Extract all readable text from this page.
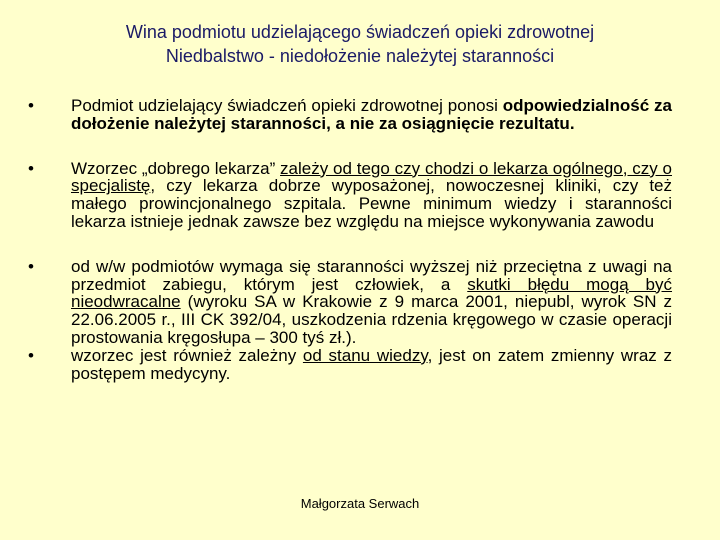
Wina podmiotu udzielającego świadczeń opieki zdrowotnej
Niedbalstwo - niedołożenie należytej staranności
• Podmiot udzielający świadczeń opieki zdrowotnej ponosi odpowiedzialność za dołożenie należytej staranności, a nie za osiągnięcie rezultatu.
• Wzorzec „dobrego lekarza” zależy od tego czy chodzi o lekarza ogólnego, czy o specjalistę, czy lekarza dobrze wyposażonej, nowoczesnej kliniki, czy też małego prowincjonalnego szpitala. Pewne minimum wiedzy i staranności lekarza istnieje jednak zawsze bez względu na miejsce wykonywania zawodu
• od w/w podmiotów wymaga się staranności wyższej niż przeciętna z uwagi na przedmiot zabiegu, którym jest człowiek, a skutki błędu mogą być nieodwracalne (wyroku SA w Krakowie z 9 marca 2001, niepubl, wyrok SN z 22.06.2005 r., III CK 392/04, uszkodzenia rdzenia kręgowego w czasie operacji prostowania kręgosłupa – 300 tyś zł.).
• wzorzec jest również zależny od stanu wiedzy, jest on zatem zmienny wraz z postępem medycyny.
Małgorzata Serwach
